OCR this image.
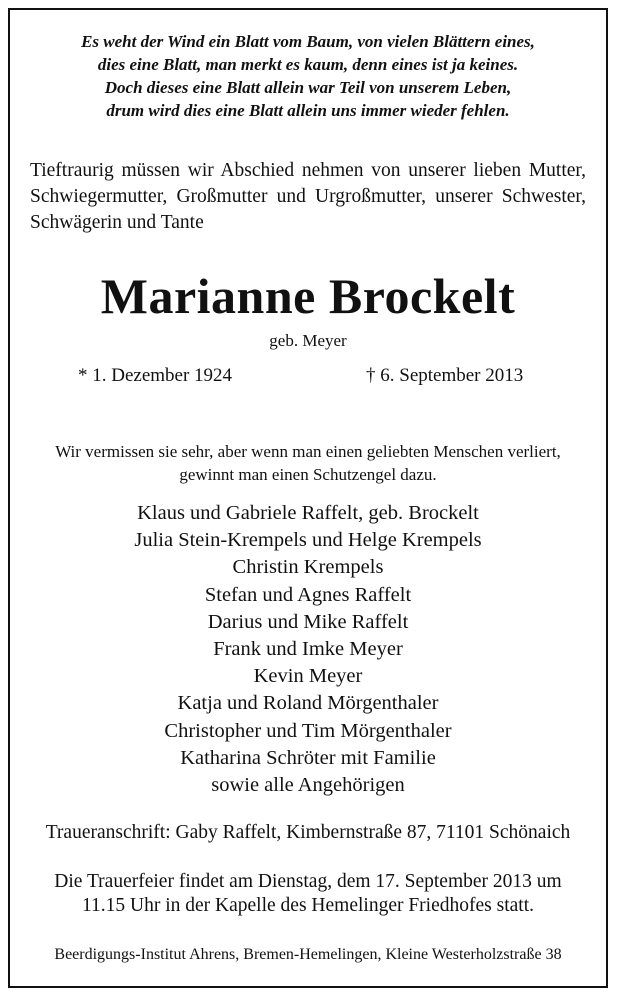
Es weht der Wind ein Blatt vom Baum, von vielen Blättern eines,
dies eine Blatt, man merkt es kaum, denn eines ist ja keines.
Doch dieses eine Blatt allein war Teil von unserem Leben,
drum wird dies eine Blatt allein uns immer wieder fehlen.
Tieftraurig müssen wir Abschied nehmen von unserer lieben Mutter, Schwiegermutter, Großmutter und Urgroßmutter, unserer Schwester, Schwägerin und Tante
Marianne Brockelt
geb. Meyer
* 1. Dezember 1924	† 6. September 2013
Wir vermissen sie sehr, aber wenn man einen geliebten Menschen verliert,
gewinnt man einen Schutzengel dazu.
Klaus und Gabriele Raffelt, geb. Brockelt
Julia Stein-Krempels und Helge Krempels
Christin Krempels
Stefan und Agnes Raffelt
Darius und Mike Raffelt
Frank und Imke Meyer
Kevin Meyer
Katja und Roland Mörgenthaler
Christopher und Tim Mörgenthaler
Katharina Schröter mit Familie
sowie alle Angehörigen
Traueranschrift: Gaby Raffelt, Kimbernstraße 87, 71101 Schönaich
Die Trauerfeier findet am Dienstag, dem 17. September 2013 um
11.15 Uhr in der Kapelle des Hemelinger Friedhofes statt.
Beerdigungs-Institut Ahrens, Bremen-Hemelingen, Kleine Westerholzstraße 38
